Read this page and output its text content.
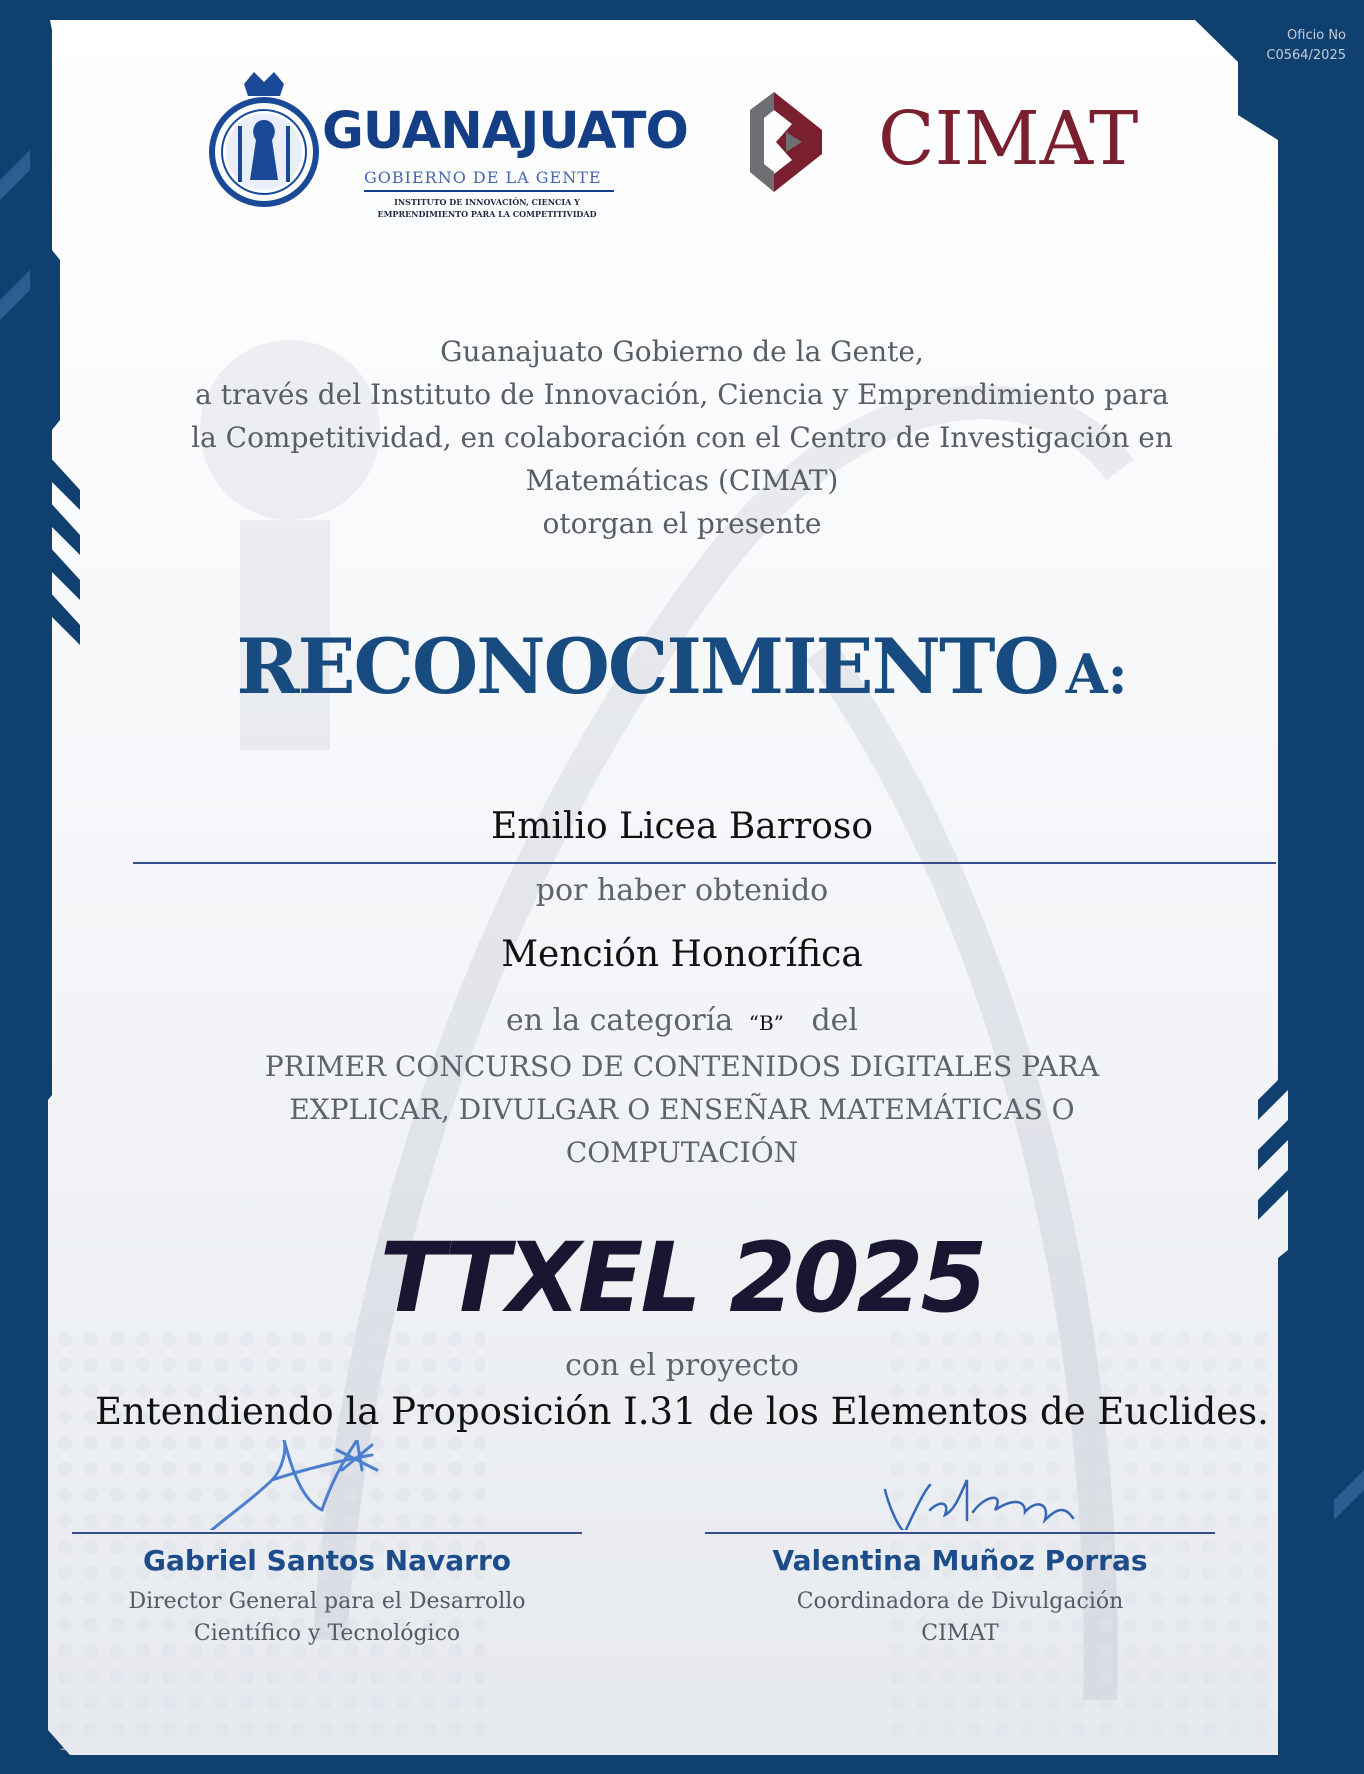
Oficio No
C0564/2025
GUANAJUATO
GOBIERNO DE LA GENTE
INSTITUTO DE INNOVACIÓN, CIENCIA Y
EMPRENDIMIENTO PARA LA COMPETITIVIDAD
CIMAT
Guanajuato Gobierno de la Gente,
a través del Instituto de Innovación, Ciencia y Emprendimiento para
la Competitividad, en colaboración con el Centro de Investigación en
Matemáticas (CIMAT)
otorgan el presente
RECONOCIMIENTO A:
Emilio Licea Barroso
por haber obtenido
Mención Honorífica
en la categoría “B” del
PRIMER CONCURSO DE CONTENIDOS DIGITALES PARA
EXPLICAR, DIVULGAR O ENSEÑAR MATEMÁTICAS O
COMPUTACIÓN
TTXEL 2025
con el proyecto
Entendiendo la Proposición I.31 de los Elementos de Euclides.
Gabriel Santos Navarro
Director General para el Desarrollo
Científico y Tecnológico
Valentina Muñoz Porras
Coordinadora de Divulgación
CIMAT
